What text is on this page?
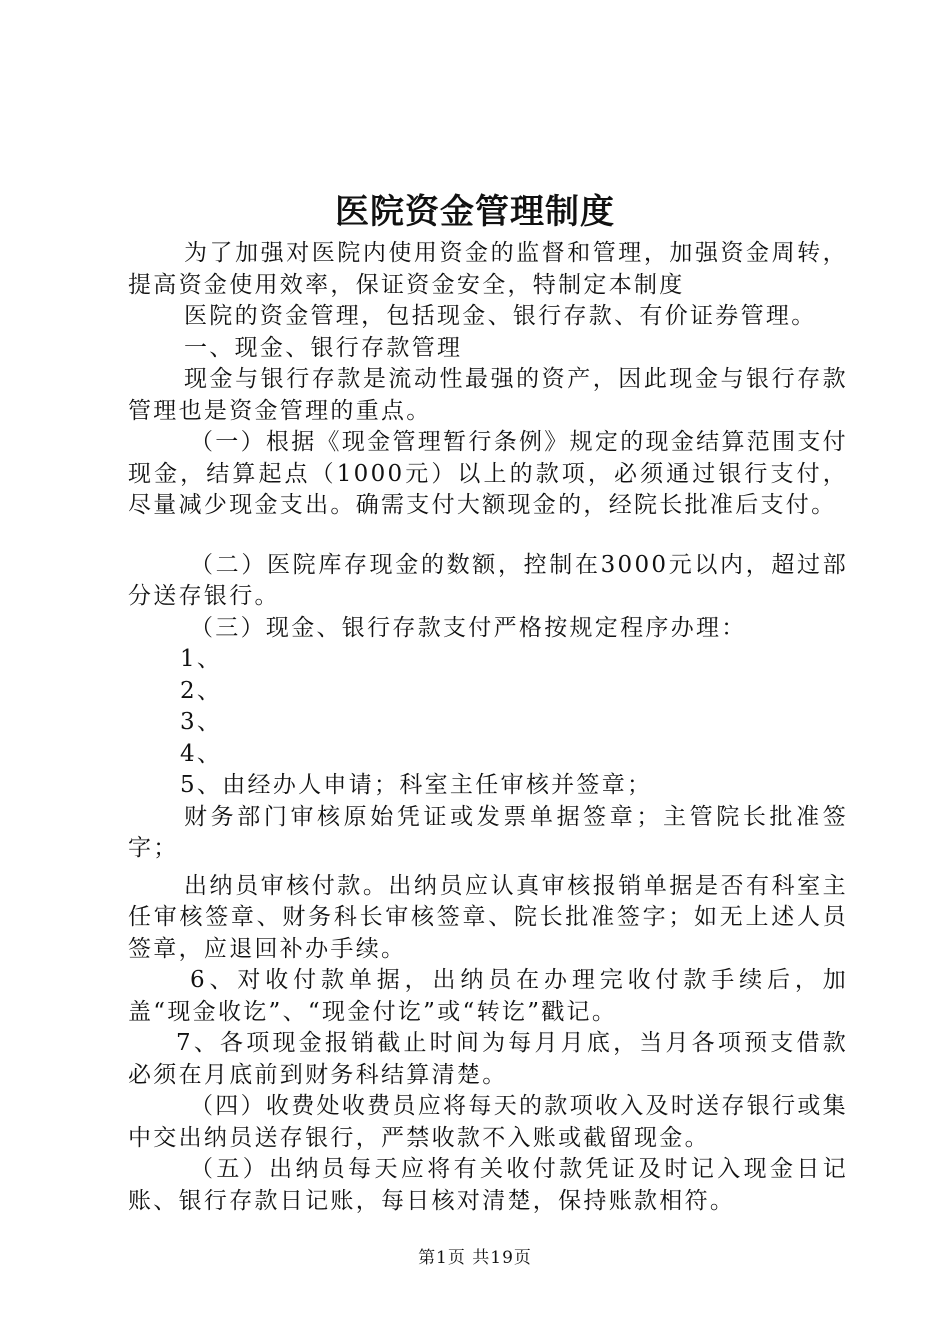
医院资金管理制度

为了加强对医院内使用资金的监督和管理，加强资金周转，提高资金使用效率，保证资金安全，特制定本制度

医院的资金管理，包括现金、银行存款、有价证券管理。

一、现金、银行存款管理

现金与银行存款是流动性最强的资产，因此现金与银行存款管理也是资金管理的重点。

（一）根据《现金管理暂行条例》规定的现金结算范围支付现金，结算起点（1000元）以上的款项，必须通过银行支付，尽量减少现金支出。确需支付大额现金的，经院长批准后支付。

（二）医院库存现金的数额，控制在3000元以内，超过部分送存银行。

（三）现金、银行存款支付严格按规定程序办理：

1、

2、

3、

4、

5、由经办人申请；科室主任审核并签章；

财务部门审核原始凭证或发票单据签章；主管院长批准签字；

出纳员审核付款。出纳员应认真审核报销单据是否有科室主任审核签章、财务科长审核签章、院长批准签字；如无上述人员签章，应退回补办手续。

6、对收付款单据，出纳员在办理完收付款手续后，加盖“现金收讫”、“现金付讫”或“转讫”戳记。

7、各项现金报销截止时间为每月月底，当月各项预支借款必须在月底前到财务科结算清楚。

（四）收费处收费员应将每天的款项收入及时送存银行或集中交出纳员送存银行，严禁收款不入账或截留现金。

（五）出纳员每天应将有关收付款凭证及时记入现金日记账、银行存款日记账，每日核对清楚，保持账款相符。

第1页 共19页
